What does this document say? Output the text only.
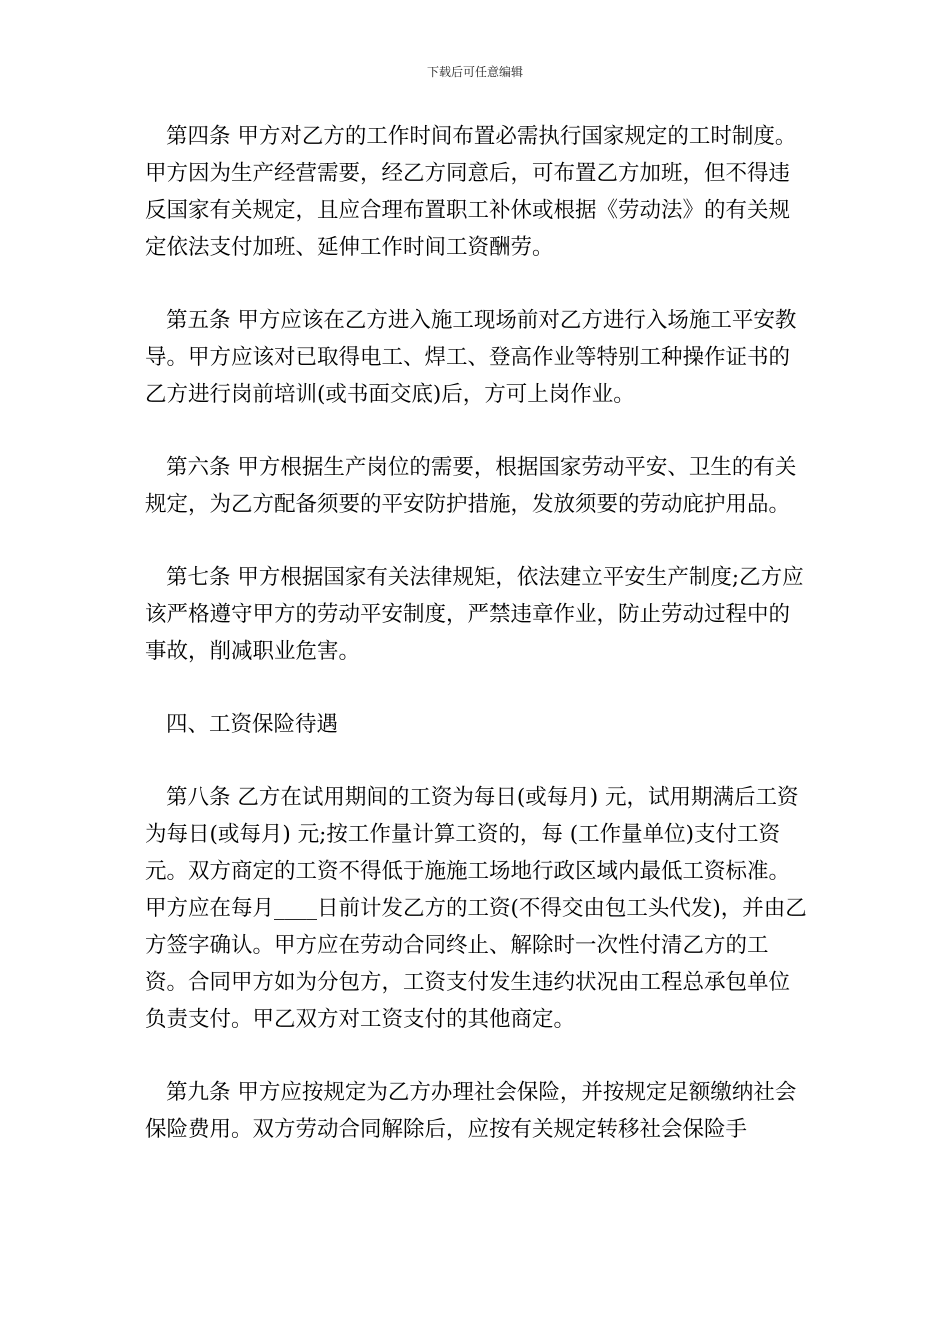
下载后可任意编辑

第四条 甲方对乙方的工作时间布置必需执行国家规定的工时制度。甲方因为生产经营需要，经乙方同意后，可布置乙方加班，但不得违反国家有关规定，且应合理布置职工补休或根据《劳动法》的有关规定依法支付加班、延伸工作时间工资酬劳。

第五条 甲方应该在乙方进入施工现场前对乙方进行入场施工平安教导。甲方应该对已取得电工、焊工、登高作业等特别工种操作证书的乙方进行岗前培训(或书面交底)后，方可上岗作业。

第六条 甲方根据生产岗位的需要，根据国家劳动平安、卫生的有关规定，为乙方配备须要的平安防护措施，发放须要的劳动庇护用品。

第七条 甲方根据国家有关法律规矩，依法建立平安生产制度;乙方应该严格遵守甲方的劳动平安制度，严禁违章作业，防止劳动过程中的事故，削减职业危害。

四、工资保险待遇

第八条 乙方在试用期间的工资为每日(或每月) 元，试用期满后工资为每日(或每月) 元;按工作量计算工资的，每 (工作量单位)支付工资 元。双方商定的工资不得低于施施工场地行政区域内最低工资标准。甲方应在每月____日前计发乙方的工资(不得交由包工头代发)，并由乙方签字确认。甲方应在劳动合同终止、解除时一次性付清乙方的工资。合同甲方如为分包方，工资支付发生违约状况由工程总承包单位负责支付。甲乙双方对工资支付的其他商定。

第九条 甲方应按规定为乙方办理社会保险，并按规定足额缴纳社会保险费用。双方劳动合同解除后，应按有关规定转移社会保险手
